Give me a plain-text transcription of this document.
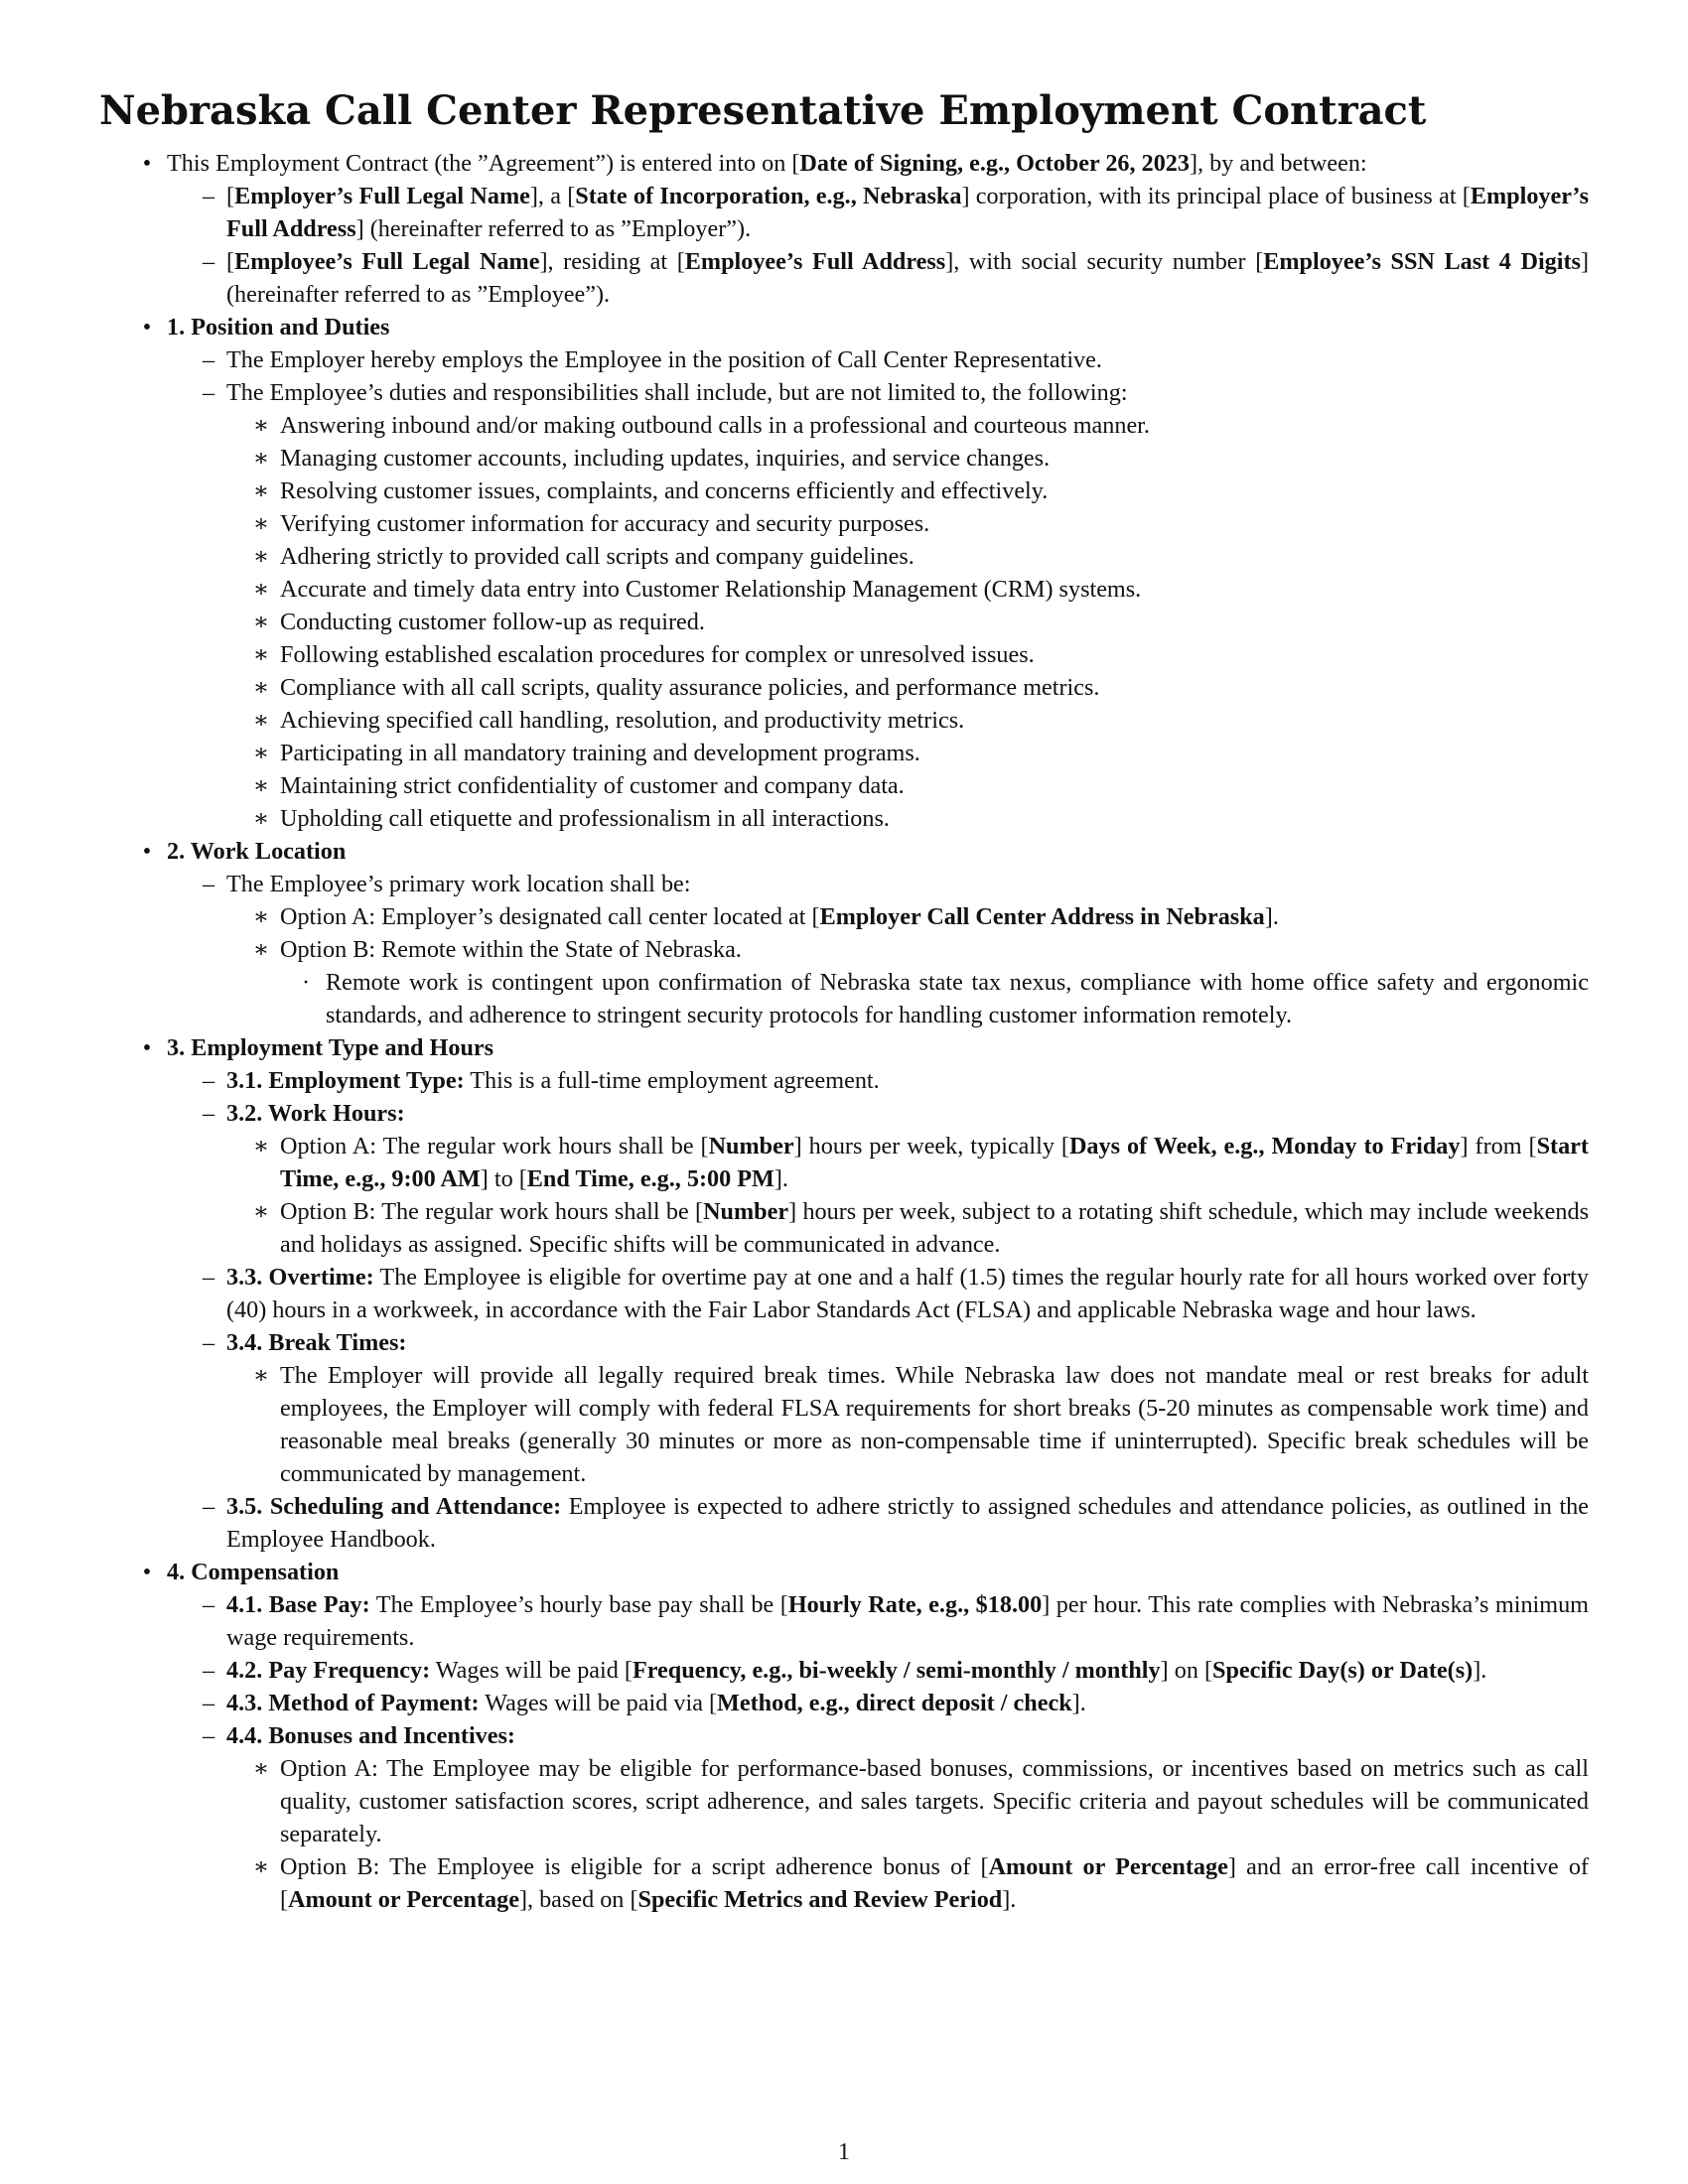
Nebraska Call Center Representative Employment Contract
• This Employment Contract (the ”Agreement”) is entered into on [Date of Signing, e.g., October 26, 2023], by and between:
– [Employer’s Full Legal Name], a [State of Incorporation, e.g., Nebraska] corporation, with its principal place of business at [Employer’s Full Address] (hereinafter referred to as ”Employer”).
– [Employee’s Full Legal Name], residing at [Employee’s Full Address], with social security number [Employee’s SSN Last 4 Digits] (hereinafter referred to as ”Employee”).
• 1. Position and Duties
– The Employer hereby employs the Employee in the position of Call Center Representative.
– The Employee’s duties and responsibilities shall include, but are not limited to, the following:
∗ Answering inbound and/or making outbound calls in a professional and courteous manner.
∗ Managing customer accounts, including updates, inquiries, and service changes.
∗ Resolving customer issues, complaints, and concerns efficiently and effectively.
∗ Verifying customer information for accuracy and security purposes.
∗ Adhering strictly to provided call scripts and company guidelines.
∗ Accurate and timely data entry into Customer Relationship Management (CRM) systems.
∗ Conducting customer follow-up as required.
∗ Following established escalation procedures for complex or unresolved issues.
∗ Compliance with all call scripts, quality assurance policies, and performance metrics.
∗ Achieving specified call handling, resolution, and productivity metrics.
∗ Participating in all mandatory training and development programs.
∗ Maintaining strict confidentiality of customer and company data.
∗ Upholding call etiquette and professionalism in all interactions.
• 2. Work Location
– The Employee’s primary work location shall be:
∗ Option A: Employer’s designated call center located at [Employer Call Center Address in Nebraska].
∗ Option B: Remote within the State of Nebraska.
· Remote work is contingent upon confirmation of Nebraska state tax nexus, compliance with home office safety and ergonomic standards, and adherence to stringent security protocols for handling customer information remotely.
• 3. Employment Type and Hours
– 3.1. Employment Type: This is a full-time employment agreement.
– 3.2. Work Hours:
∗ Option A: The regular work hours shall be [Number] hours per week, typically [Days of Week, e.g., Monday to Friday] from [Start Time, e.g., 9:00 AM] to [End Time, e.g., 5:00 PM].
∗ Option B: The regular work hours shall be [Number] hours per week, subject to a rotating shift schedule, which may include weekends and holidays as assigned. Specific shifts will be communicated in advance.
– 3.3. Overtime: The Employee is eligible for overtime pay at one and a half (1.5) times the regular hourly rate for all hours worked over forty (40) hours in a workweek, in accordance with the Fair Labor Standards Act (FLSA) and applicable Nebraska wage and hour laws.
– 3.4. Break Times:
∗ The Employer will provide all legally required break times. While Nebraska law does not mandate meal or rest breaks for adult employees, the Employer will comply with federal FLSA requirements for short breaks (5-20 minutes as compensable work time) and reasonable meal breaks (generally 30 minutes or more as non-compensable time if uninterrupted). Specific break schedules will be communicated by management.
– 3.5. Scheduling and Attendance: Employee is expected to adhere strictly to assigned schedules and attendance policies, as outlined in the Employee Handbook.
• 4. Compensation
– 4.1. Base Pay: The Employee’s hourly base pay shall be [Hourly Rate, e.g., $18.00] per hour. This rate complies with Nebraska’s minimum wage requirements.
– 4.2. Pay Frequency: Wages will be paid [Frequency, e.g., bi-weekly / semi-monthly / monthly] on [Specific Day(s) or Date(s)].
– 4.3. Method of Payment: Wages will be paid via [Method, e.g., direct deposit / check].
– 4.4. Bonuses and Incentives:
∗ Option A: The Employee may be eligible for performance-based bonuses, commissions, or incentives based on metrics such as call quality, customer satisfaction scores, script adherence, and sales targets. Specific criteria and payout schedules will be communicated separately.
∗ Option B: The Employee is eligible for a script adherence bonus of [Amount or Percentage] and an error-free call incentive of [Amount or Percentage], based on [Specific Metrics and Review Period].
1
